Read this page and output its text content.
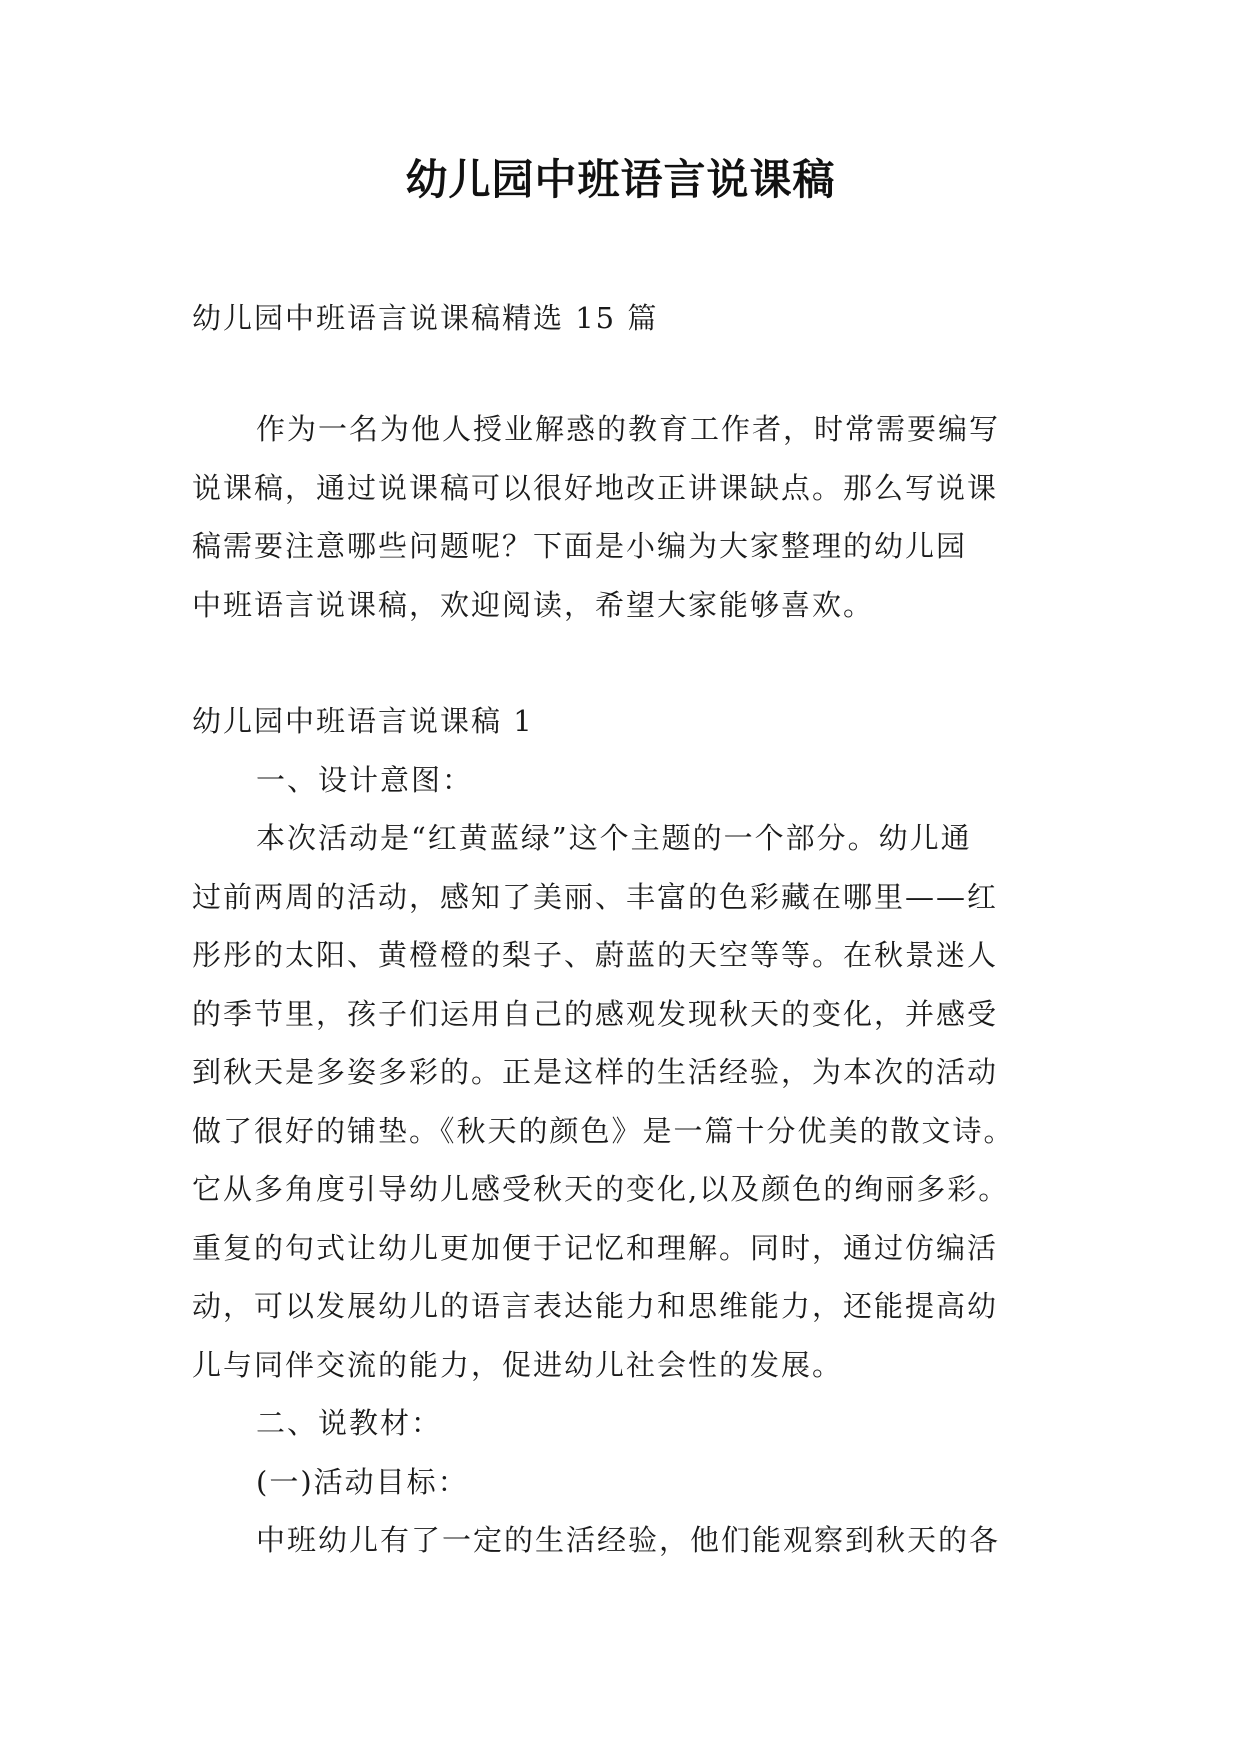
幼儿园中班语言说课稿
幼儿园中班语言说课稿精选 15 篇
作为一名为他人授业解惑的教育工作者，时常需要编写
说课稿，通过说课稿可以很好地改正讲课缺点。那么写说课
稿需要注意哪些问题呢？下面是小编为大家整理的幼儿园
中班语言说课稿，欢迎阅读，希望大家能够喜欢。
幼儿园中班语言说课稿 1
一、设计意图：
本次活动是“红黄蓝绿”这个主题的一个部分。幼儿通
过前两周的活动，感知了美丽、丰富的色彩藏在哪里——红
彤彤的太阳、黄橙橙的梨子、蔚蓝的天空等等。在秋景迷人
的季节里，孩子们运用自己的感观发现秋天的变化，并感受
到秋天是多姿多彩的。正是这样的生活经验，为本次的活动
做了很好的铺垫。《秋天的颜色》是一篇十分优美的散文诗。
它从多角度引导幼儿感受秋天的变化,以及颜色的绚丽多彩。
重复的句式让幼儿更加便于记忆和理解。同时，通过仿编活
动，可以发展幼儿的语言表达能力和思维能力，还能提高幼
儿与同伴交流的能力，促进幼儿社会性的发展。
二、说教材：
(一)活动目标：
中班幼儿有了一定的生活经验，他们能观察到秋天的各
